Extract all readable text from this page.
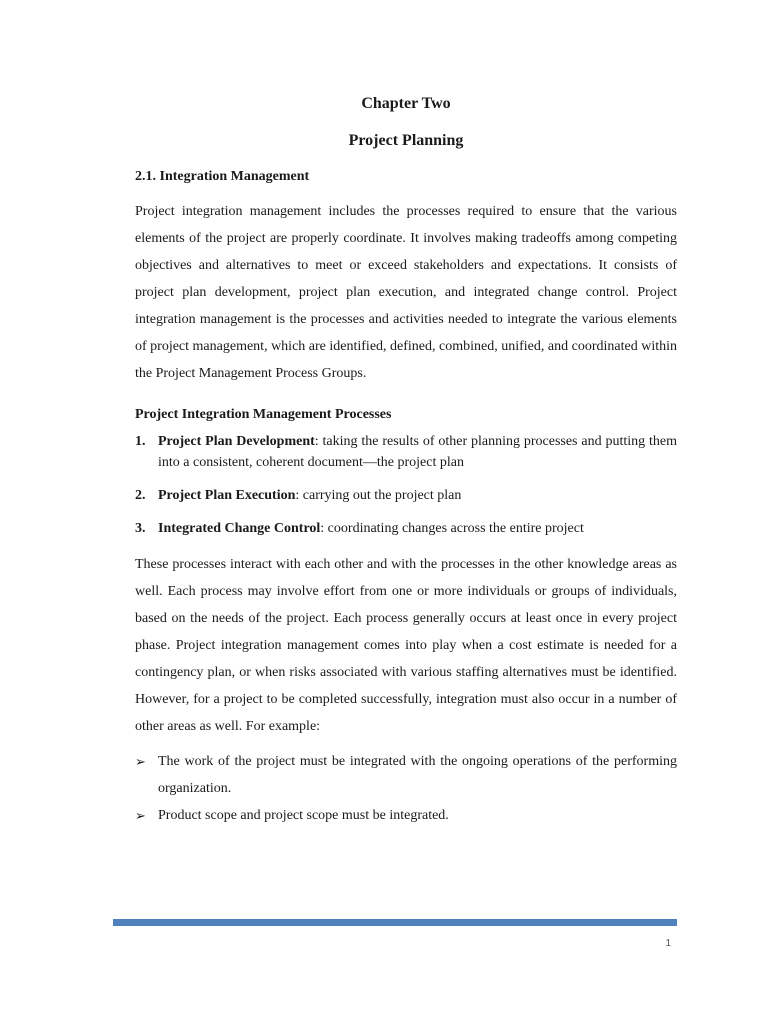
Chapter Two
Project Planning
2.1. Integration Management

Project integration management includes the processes required to ensure that the various elements of the project are properly coordinate. It involves making tradeoffs among competing objectives and alternatives to meet or exceed stakeholders and expectations. It consists of project plan development, project plan execution, and integrated change control. Project integration management is the processes and activities needed to integrate the various elements of project management, which are identified, defined, combined, unified, and coordinated within the Project Management Process Groups.

Project Integration Management Processes
1. Project Plan Development: taking the results of other planning processes and putting them into a consistent, coherent document—the project plan
2. Project Plan Execution: carrying out the project plan
3. Integrated Change Control: coordinating changes across the entire project

These processes interact with each other and with the processes in the other knowledge areas as well. Each process may involve effort from one or more individuals or groups of individuals, based on the needs of the project. Each process generally occurs at least once in every project phase. Project integration management comes into play when a cost estimate is needed for a contingency plan, or when risks associated with various staffing alternatives must be identified. However, for a project to be completed successfully, integration must also occur in a number of other areas as well. For example:

➢ The work of the project must be integrated with the ongoing operations of the performing organization.
➢ Product scope and project scope must be integrated.
1
